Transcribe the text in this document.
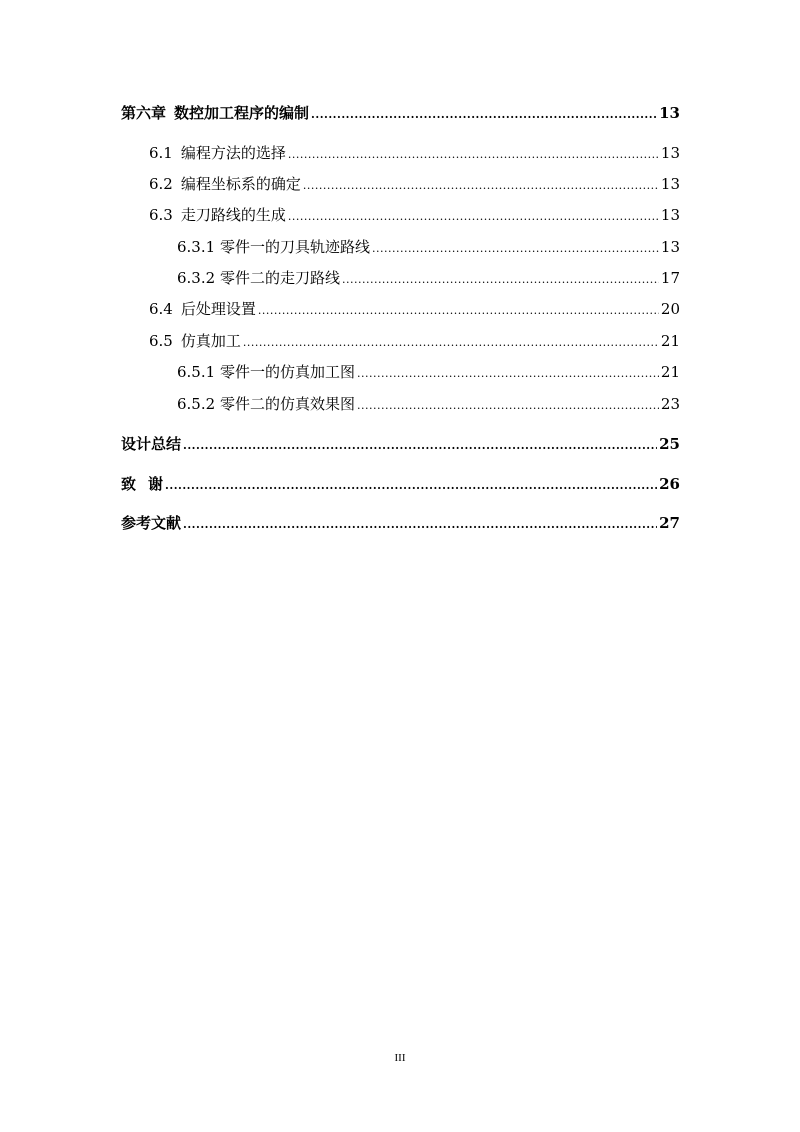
第六章 数控加工程序的编制 .....	13
6.1 编程方法的选择 .....	13
6.2 编程坐标系的确定 .....	13
6.3 走刀路线的生成 .....	13
6.3.1 零件一的刀具轨迹路线 .....	13
6.3.2 零件二的走刀路线 .....	17
6.4 后处理设置 .....	20
6.5 仿真加工 .....	21
6.5.1 零件一的仿真加工图 .....	21
6.5.2 零件二的仿真效果图 .....	23
设计总结 .....	25
致 谢 .....	26
参考文献 .....	27
III
